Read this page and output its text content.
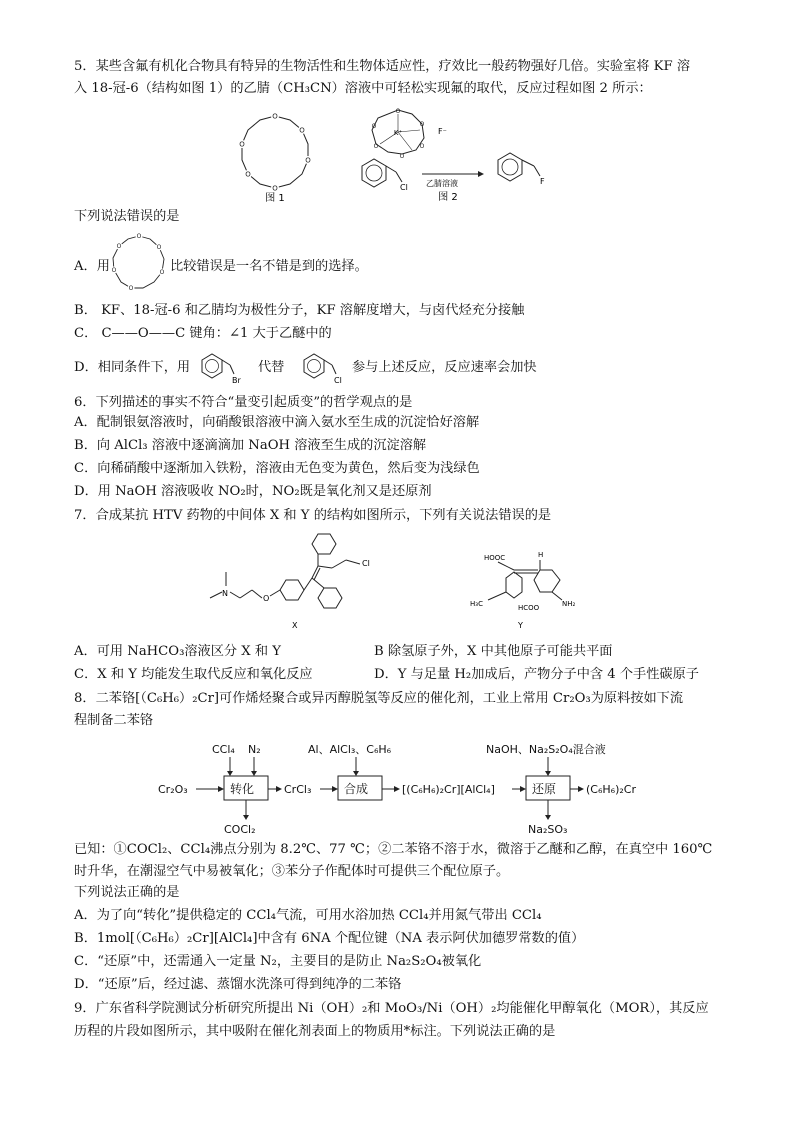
5．某些含氟有机化合物具有特异的生物活性和生物体适应性，疗效比一般药物强好几倍。实验室将 KF 溶
入 18-冠-6（结构如图 1）的乙腈（CH₃CN）溶液中可轻松实现氟的取代，反应过程如图 2 所示：
O
O
O
O
O
O
图 1
O
O
O
O
O
O
K⁺	F⁻
Cl 乙腈溶液	F
图 2
下列说法错误的是
A．用
O
O
O
O
O
O
比较错误是一名不错是到的选择。
B． KF、18-冠-6 和乙腈均为极性分子，KF 溶解度增大，与卤代烃充分接触
C． C——O——C 键角：∠1 大于乙醚中的
D．相同条件下，用
Br
代替
Cl
参与上述反应，反应速率会加快
6．下列描述的事实不符合“量变引起质变”的哲学观点的是
A．配制银氨溶液时，向硝酸银溶液中滴入氨水至生成的沉淀恰好溶解
B．向 AlCl₃ 溶液中逐滴滴加 NaOH 溶液至生成的沉淀溶解
C．向稀硝酸中逐渐加入铁粉，溶液由无色变为黄色，然后变为浅绿色
D．用 NaOH 溶液吸收 NO₂时，NO₂既是氧化剂又是还原剂
7．合成某抗 HTV 药物的中间体 X 和 Y 的结构如图所示，下列有关说法错误的是
N
O
Cl
X
HOOC	H
H₃C	HCOO	NH₂
Y
A．可用 NaHCO₃溶液区分 X 和 Y	B 除氢原子外，X 中其他原子可能共平面
C．X 和 Y 均能发生取代反应和氧化反应	D．Y 与足量 H₂加成后，产物分子中含 4 个手性碳原子
8．二苯铬[（C₆H₆）₂Cr]可作烯烃聚合或异丙醇脱氢等反应的催化剂，工业上常用 Cr₂O₃为原料按如下流
程制备二苯铬
Cr₂O₃	转化
CCl₄ N₂
COCl₂
CrCl₃
Al、AlCl₃、C₆H₆
合成	[(C₆H₆)₂Cr][AlCl₄]
NaOH、Na₂S₂O₄混合液
还原
Na₂SO₃
(C₆H₆)₂Cr
已知：①COCl₂、CCl₄沸点分别为 8.2℃、77 ℃；②二苯铬不溶于水，微溶于乙醚和乙醇，在真空中 160℃
时升华，在潮湿空气中易被氧化；③苯分子作配体时可提供三个配位原子。
下列说法正确的是
A．为了向“转化”提供稳定的 CCl₄气流，可用水浴加热 CCl₄并用氮气带出 CCl₄
B．1mol[（C₆H₆）₂Cr][AlCl₄]中含有 6NA 个配位键（NA 表示阿伏加德罗常数的值）
C．“还原”中，还需通入一定量 N₂，主要目的是防止 Na₂S₂O₄被氧化
D．“还原”后，经过滤、蒸馏水洗涤可得到纯净的二苯铬
9．广东省科学院测试分析研究所提出 Ni（OH）₂和 MoO₃/Ni（OH）₂均能催化甲醇氧化（MOR），其反应
历程的片段如图所示，其中吸附在催化剂表面上的物质用*标注。下列说法正确的是
